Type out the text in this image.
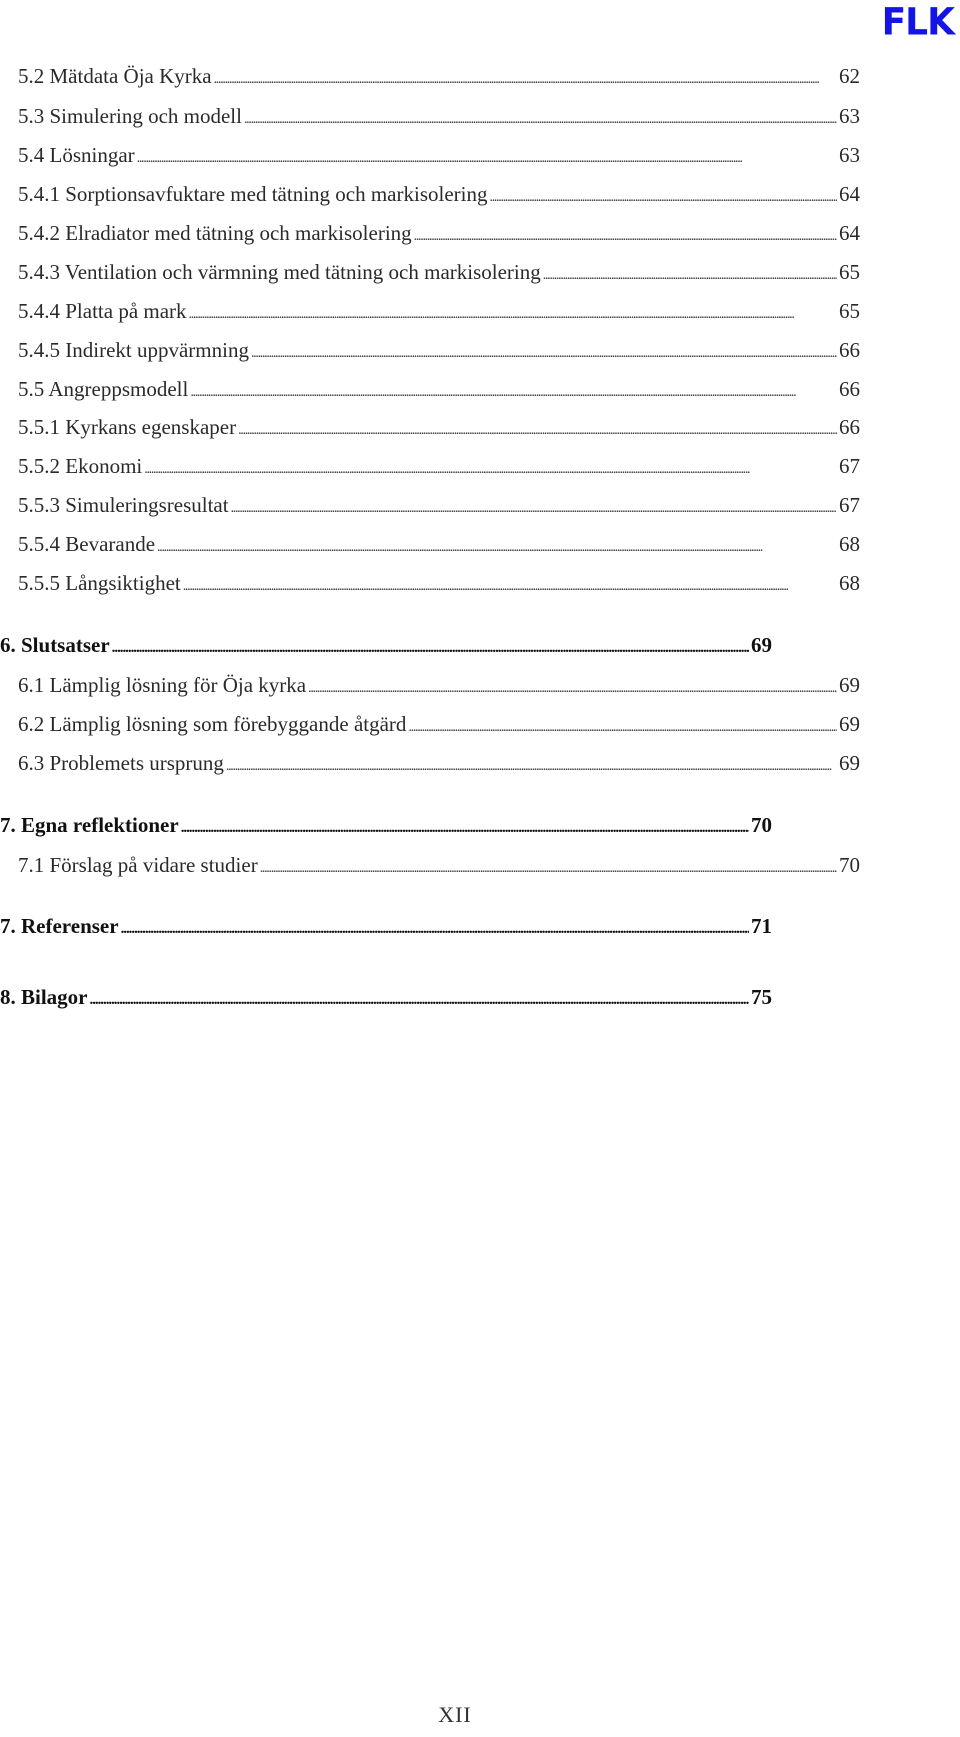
FLK
5.2 Mätdata Öja Kyrka . . .	62
5.3 Simulering och modell . . .	63
5.4 Lösningar . . .	63
5.4.1 Sorptionsavfuktare med tätning och markisolering . . .	64
5.4.2 Elradiator med tätning och markisolering . . .	64
5.4.3 Ventilation och värmning med tätning och markisolering . . .	65
5.4.4 Platta på mark . . .	65
5.4.5 Indirekt uppvärmning . . .	66
5.5 Angreppsmodell . . .	66
5.5.1 Kyrkans egenskaper . . .	66
5.5.2 Ekonomi . . .	67
5.5.3 Simuleringsresultat . . .	67
5.5.4 Bevarande . . .	68
5.5.5 Långsiktighet . . .	68
6. Slutsatser . . .	69
6.1 Lämplig lösning för Öja kyrka . . .	69
6.2 Lämplig lösning som förebyggande åtgärd . . .	69
6.3 Problemets ursprung . . .	69
7. Egna reflektioner . . .	70
7.1 Förslag på vidare studier . . .	70
7. Referenser . . .	71
8. Bilagor . . .	75
XII
